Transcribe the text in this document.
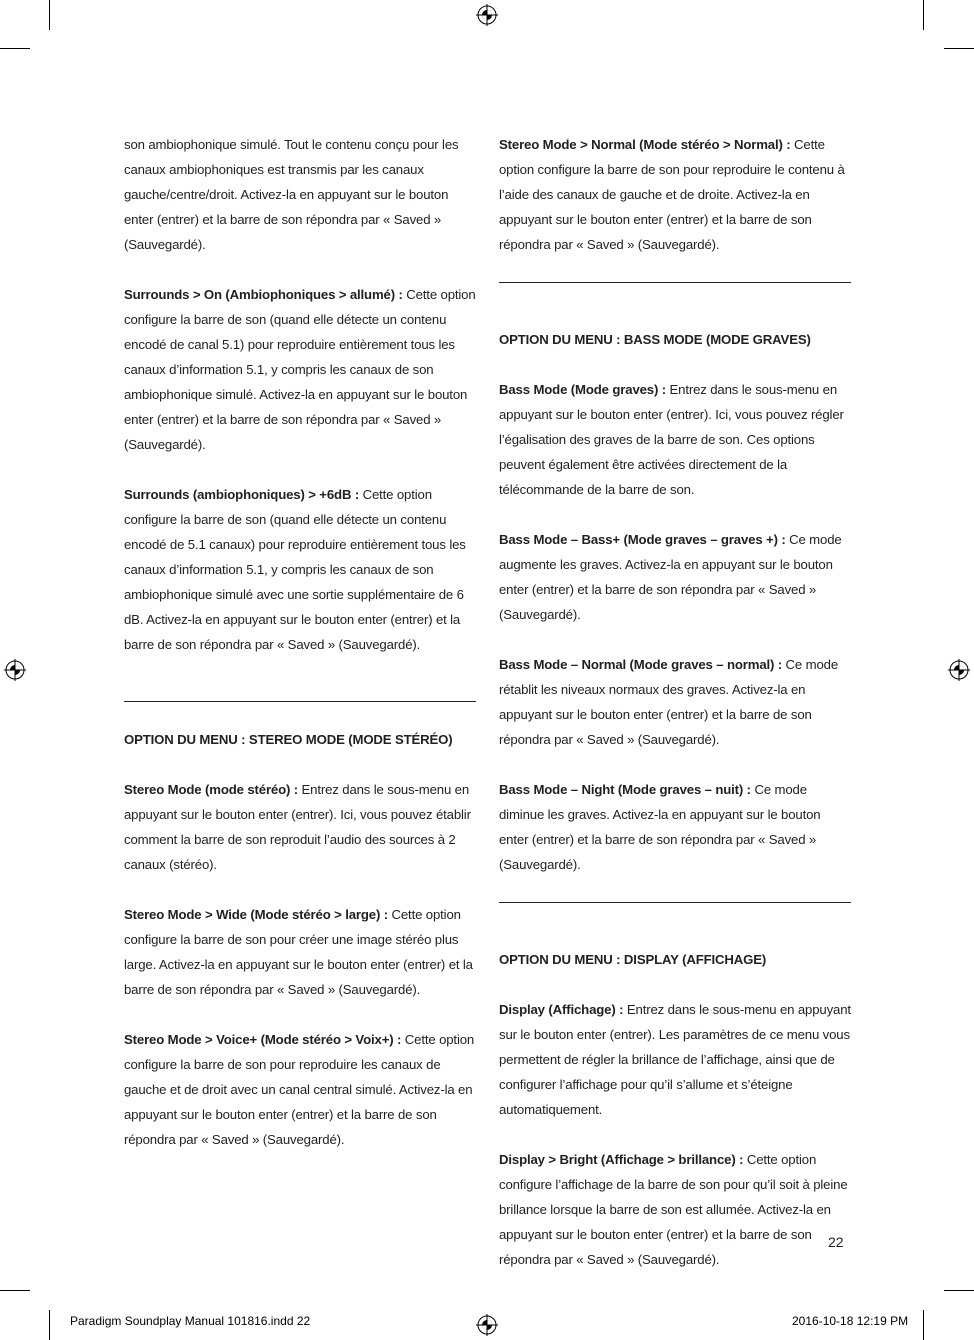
son ambiophonique simulé. Tout le contenu conçu pour les canaux ambiophoniques est transmis par les canaux gauche/centre/droit. Activez-la en appuyant sur le bouton enter (entrer) et la barre de son répondra par « Saved » (Sauvegardé).

Surrounds > On (Ambiophoniques > allumé) : Cette option configure la barre de son (quand elle détecte un contenu encodé de canal 5.1) pour reproduire entièrement tous les canaux d’information 5.1, y compris les canaux de son ambiophonique simulé. Activez-la en appuyant sur le bouton enter (entrer) et la barre de son répondra par « Saved » (Sauvegardé).

Surrounds (ambiophoniques) > +6dB : Cette option configure la barre de son (quand elle détecte un contenu encodé de 5.1 canaux) pour reproduire entièrement tous les canaux d’information 5.1, y compris les canaux de son ambiophonique simulé avec une sortie supplémentaire de 6 dB. Activez-la en appuyant sur le bouton enter (entrer) et la barre de son répondra par « Saved » (Sauvegardé).

OPTION DU MENU : STEREO MODE (MODE STÉRÉO)

Stereo Mode (mode stéréo) : Entrez dans le sous-menu en appuyant sur le bouton enter (entrer). Ici, vous pouvez établir comment la barre de son reproduit l’audio des sources à 2 canaux (stéréo).

Stereo Mode > Wide (Mode stéréo > large) : Cette option configure la barre de son pour créer une image stéréo plus large. Activez-la en appuyant sur le bouton enter (entrer) et la barre de son répondra par « Saved » (Sauvegardé).

Stereo Mode > Voice+ (Mode stéréo > Voix+) : Cette option configure la barre de son pour reproduire les canaux de gauche et de droit avec un canal central simulé. Activez-la en appuyant sur le bouton enter (entrer) et la barre de son répondra par « Saved » (Sauvegardé).

Stereo Mode > Normal (Mode stéréo > Normal) : Cette option configure la barre de son pour reproduire le contenu à l’aide des canaux de gauche et de droite. Activez-la en appuyant sur le bouton enter (entrer) et la barre de son répondra par « Saved » (Sauvegardé).

OPTION DU MENU : BASS MODE (MODE GRAVES)

Bass Mode (Mode graves) : Entrez dans le sous-menu en appuyant sur le bouton enter (entrer). Ici, vous pouvez régler l’égalisation des graves de la barre de son. Ces options peuvent également être activées directement de la télécommande de la barre de son.

Bass Mode – Bass+ (Mode graves – graves +) : Ce mode augmente les graves. Activez-la en appuyant sur le bouton enter (entrer) et la barre de son répondra par « Saved » (Sauvegardé).

Bass Mode – Normal (Mode graves – normal) : Ce mode rétablit les niveaux normaux des graves. Activez-la en appuyant sur le bouton enter (entrer) et la barre de son répondra par « Saved » (Sauvegardé).

Bass Mode – Night (Mode graves – nuit) : Ce mode diminue les graves. Activez-la en appuyant sur le bouton enter (entrer) et la barre de son répondra par « Saved » (Sauvegardé).

OPTION DU MENU : DISPLAY (AFFICHAGE)

Display (Affichage) : Entrez dans le sous-menu en appuyant sur le bouton enter (entrer). Les paramètres de ce menu vous permettent de régler la brillance de l’affichage, ainsi que de configurer l’affichage pour qu’il s’allume et s’éteigne automatiquement.

Display > Bright (Affichage > brillance) : Cette option configure l’affichage de la barre de son pour qu’il soit à pleine brillance lorsque la barre de son est allumée. Activez-la en appuyant sur le bouton enter (entrer) et la barre de son répondra par « Saved » (Sauvegardé).

22
Paradigm Soundplay Manual 101816.indd 22	2016-10-18 12:19 PM
